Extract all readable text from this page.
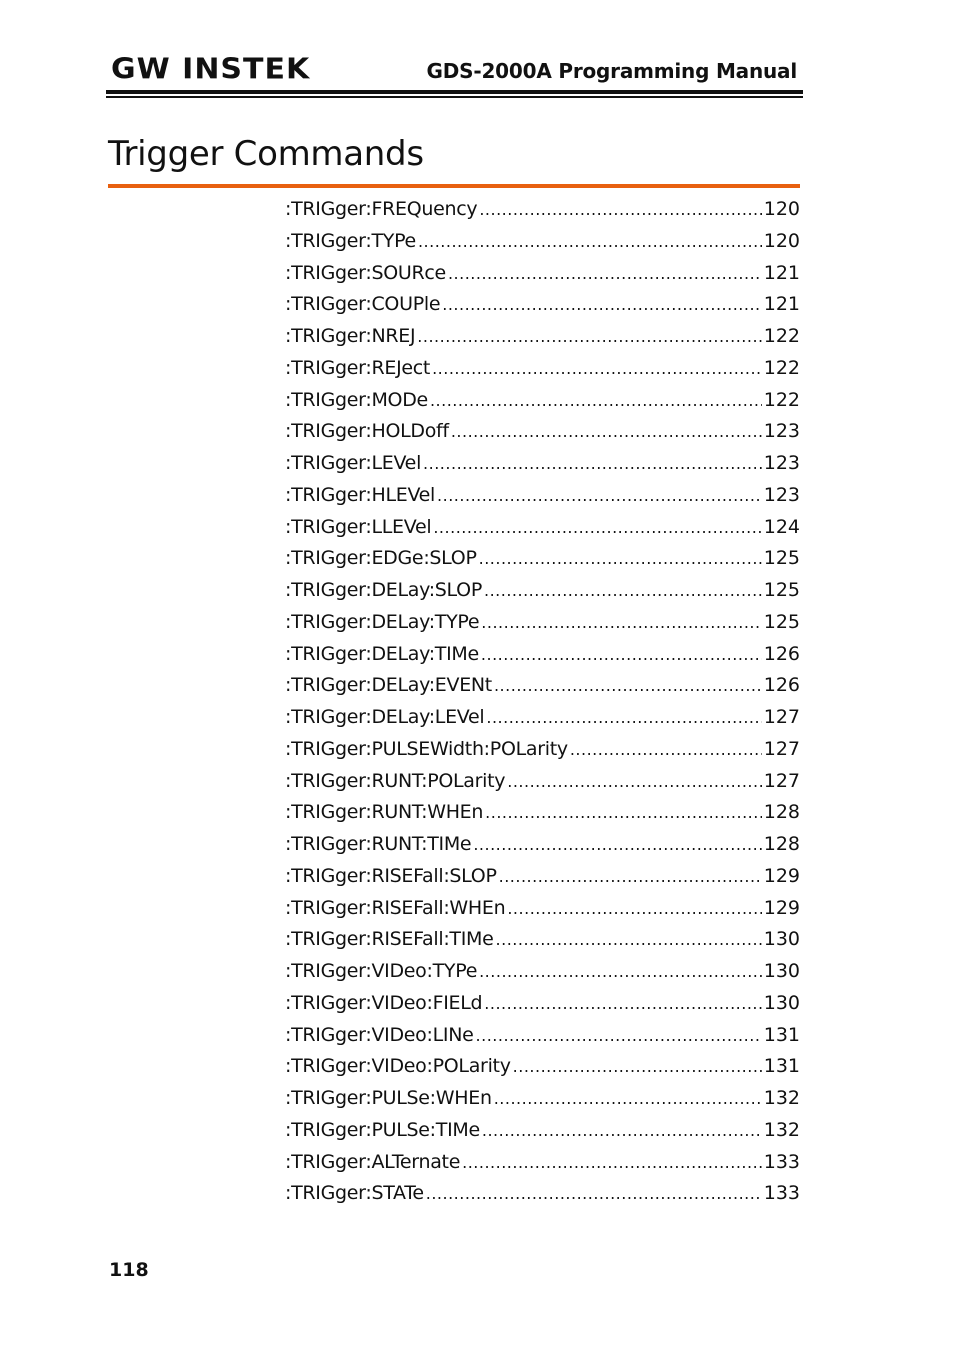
GW INSTEK	GDS-2000A Programming Manual
Trigger Commands
:TRIGger:FREQuency .....	120
:TRIGger:TYPe .....	120
:TRIGger:SOURce .....	121
:TRIGger:COUPle .....	121
:TRIGger:NREJ .....	122
:TRIGger:REJect .....	122
:TRIGger:MODe .....	122
:TRIGger:HOLDoff .....	123
:TRIGger:LEVel .....	123
:TRIGger:HLEVel .....	123
:TRIGger:LLEVel .....	124
:TRIGger:EDGe:SLOP .....	125
:TRIGger:DELay:SLOP .....	125
:TRIGger:DELay:TYPe .....	125
:TRIGger:DELay:TIMe .....	126
:TRIGger:DELay:EVENt .....	126
:TRIGger:DELay:LEVel .....	127
:TRIGger:PULSEWidth:POLarity .....	127
:TRIGger:RUNT:POLarity .....	127
:TRIGger:RUNT:WHEn .....	128
:TRIGger:RUNT:TIMe .....	128
:TRIGger:RISEFall:SLOP .....	129
:TRIGger:RISEFall:WHEn .....	129
:TRIGger:RISEFall:TIMe .....	130
:TRIGger:VIDeo:TYPe .....	130
:TRIGger:VIDeo:FIELd .....	130
:TRIGger:VIDeo:LINe .....	131
:TRIGger:VIDeo:POLarity .....	131
:TRIGger:PULSe:WHEn .....	132
:TRIGger:PULSe:TIMe .....	132
:TRIGger:ALTernate .....	133
:TRIGger:STATe .....	133
118
